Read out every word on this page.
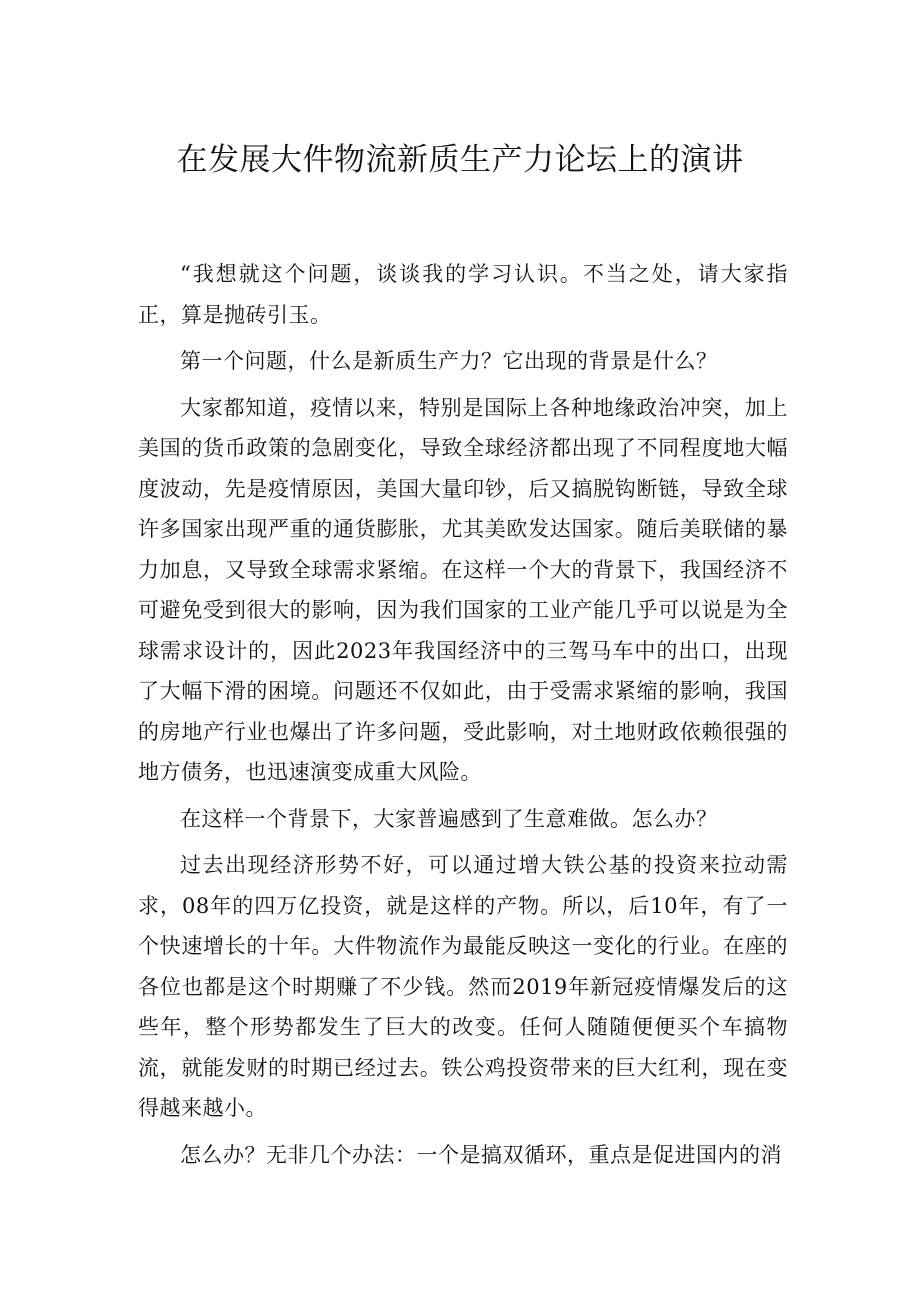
在发展大件物流新质生产力论坛上的演讲

“我想就这个问题，谈谈我的学习认识。不当之处，请大家指正，算是抛砖引玉。

第一个问题，什么是新质生产力？它出现的背景是什么？

大家都知道，疫情以来，特别是国际上各种地缘政治冲突，加上美国的货币政策的急剧变化，导致全球经济都出现了不同程度地大幅度波动，先是疫情原因，美国大量印钞，后又搞脱钩断链，导致全球许多国家出现严重的通货膨胀，尤其美欧发达国家。随后美联储的暴力加息，又导致全球需求紧缩。在这样一个大的背景下，我国经济不可避免受到很大的影响，因为我们国家的工业产能几乎可以说是为全球需求设计的，因此2023年我国经济中的三驾马车中的出口，出现了大幅下滑的困境。问题还不仅如此，由于受需求紧缩的影响，我国的房地产行业也爆出了许多问题，受此影响，对土地财政依赖很强的地方债务，也迅速演变成重大风险。

在这样一个背景下，大家普遍感到了生意难做。怎么办？

过去出现经济形势不好，可以通过增大铁公基的投资来拉动需求，08年的四万亿投资，就是这样的产物。所以，后10年，有了一个快速增长的十年。大件物流作为最能反映这一变化的行业。在座的各位也都是这个时期赚了不少钱。然而2019年新冠疫情爆发后的这些年，整个形势都发生了巨大的改变。任何人随随便便买个车搞物流，就能发财的时期已经过去。铁公鸡投资带来的巨大红利，现在变得越来越小。

怎么办？无非几个办法：一个是搞双循环，重点是促进国内的消
